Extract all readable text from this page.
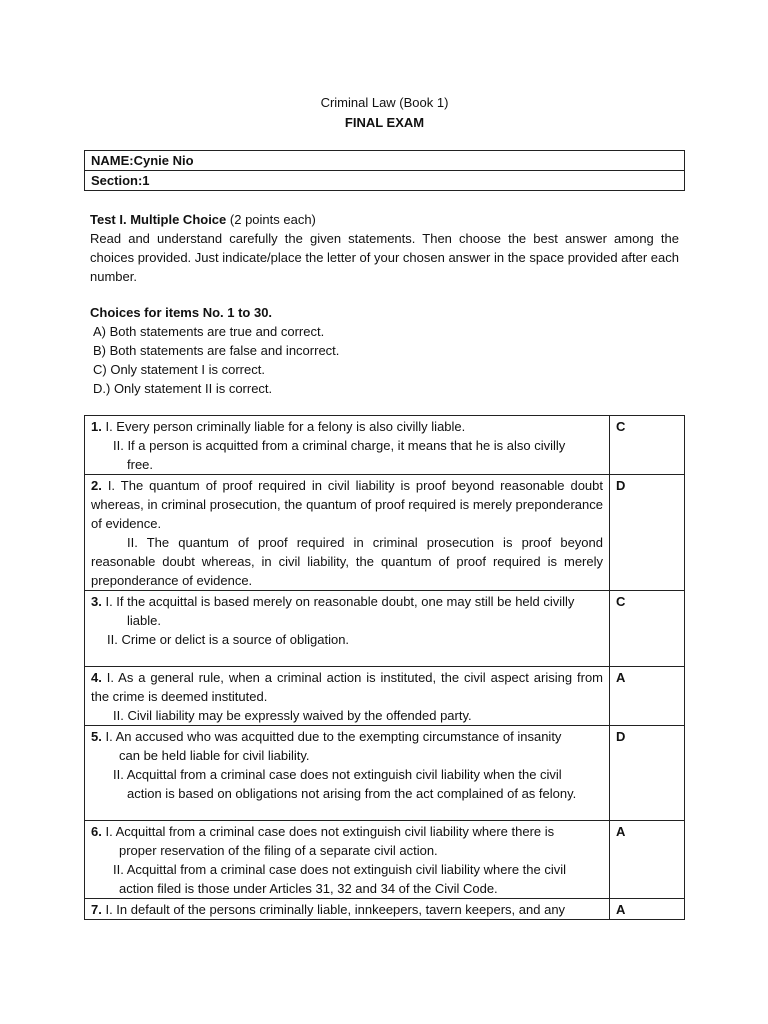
Criminal Law (Book 1)
FINAL EXAM
NAME:Cynie Nio
Section:1
Test I. Multiple Choice (2 points each)
Read and understand carefully the given statements. Then choose the best answer among the choices provided. Just indicate/place the letter of your chosen answer in the space provided after each number.
Choices for items No. 1 to 30.
A) Both statements are true and correct.
B) Both statements are false and incorrect.
C) Only statement I is correct.
D.) Only statement II is correct.
1. I. Every person criminally liable for a felony is also civilly liable.
II. If a person is acquitted from a criminal charge, it means that he is also civilly
free.	C

2. I. The quantum of proof required in civil liability is proof beyond reasonable doubt whereas, in criminal prosecution, the quantum of proof required is merely preponderance of evidence.
II. The quantum of proof required in criminal prosecution is proof beyond reasonable doubt whereas, in civil liability, the quantum of proof required is merely preponderance of evidence.	D

3. I. If the acquittal is based merely on reasonable doubt, one may still be held civilly
liable.
II. Crime or delict is a source of obligation.	C

4. I. As a general rule, when a criminal action is instituted, the civil aspect arising from the crime is deemed instituted.
II. Civil liability may be expressly waived by the offended party.	A

5. I. An accused who was acquitted due to the exempting circumstance of insanity
can be held liable for civil liability.
II. Acquittal from a criminal case does not extinguish civil liability when the civil
action is based on obligations not arising from the act complained of as felony.	D

6. I. Acquittal from a criminal case does not extinguish civil liability where there is
proper reservation of the filing of a separate civil action.
II. Acquittal from a criminal case does not extinguish civil liability where the civil
action filed is those under Articles 31, 32 and 34 of the Civil Code.	A

7. I. In default of the persons criminally liable, innkeepers, tavern keepers, and any	A
